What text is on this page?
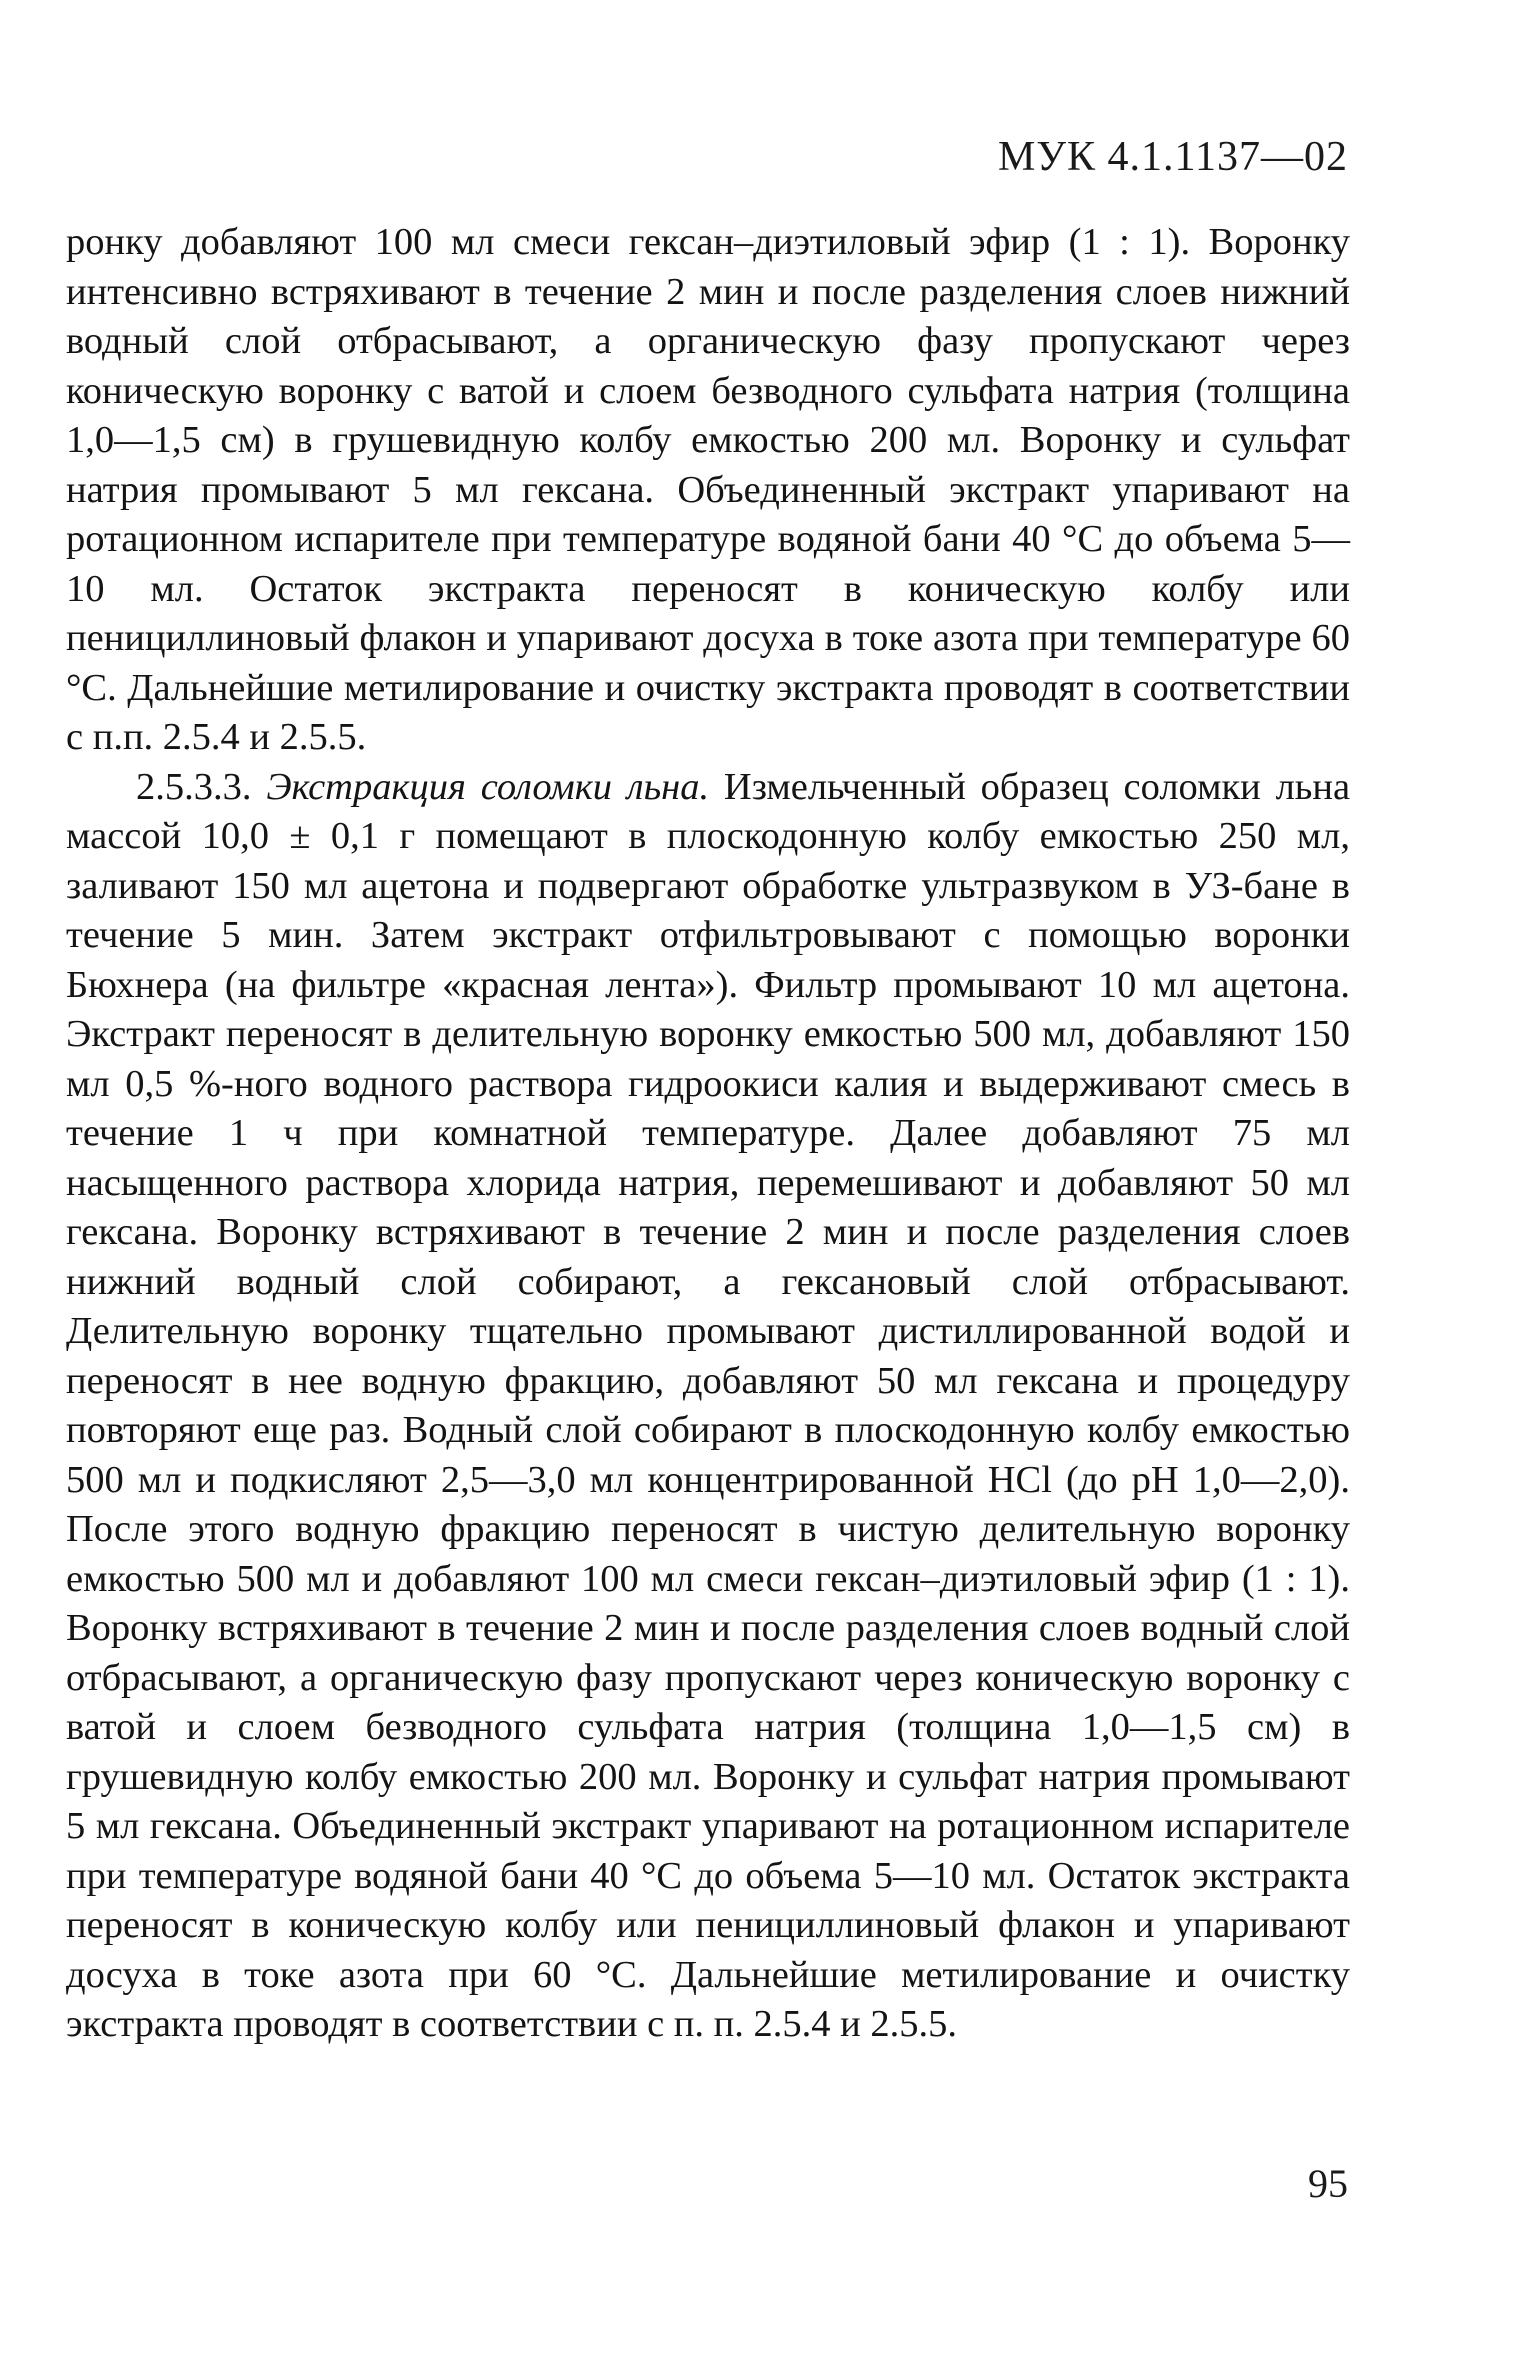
МУК 4.1.1137—02

ронку добавляют 100 мл смеси гексан–диэтиловый эфир (1 : 1). Воронку интенсивно встряхивают в течение 2 мин и после разделения слоев нижний водный слой отбрасывают, а органическую фазу пропускают через коническую воронку с ватой и слоем безводного сульфата натрия (толщина 1,0—1,5 см) в грушевидную колбу емкостью 200 мл. Воронку и сульфат натрия промывают 5 мл гексана. Объединенный экстракт упаривают на ротационном испарителе при температуре водяной бани 40 °С до объема 5—10 мл. Остаток экстракта переносят в коническую колбу или пенициллиновый флакон и упаривают досуха в токе азота при температуре 60 °С. Дальнейшие метилирование и очистку экстракта проводят в соответствии с п.п. 2.5.4 и 2.5.5.

2.5.3.3. Экстракция соломки льна. Измельченный образец соломки льна массой 10,0 ± 0,1 г помещают в плоскодонную колбу емкостью 250 мл, заливают 150 мл ацетона и подвергают обработке ультразвуком в УЗ-бане в течение 5 мин. Затем экстракт отфильтровывают с помощью воронки Бюхнера (на фильтре «красная лента»). Фильтр промывают 10 мл ацетона. Экстракт переносят в делительную воронку емкостью 500 мл, добавляют 150 мл 0,5 %-ного водного раствора гидроокиси калия и выдерживают смесь в течение 1 ч при комнатной температуре. Далее добавляют 75 мл насыщенного раствора хлорида натрия, перемешивают и добавляют 50 мл гексана. Воронку встряхивают в течение 2 мин и после разделения слоев нижний водный слой собирают, а гексановый слой отбрасывают. Делительную воронку тщательно промывают дистиллированной водой и переносят в нее водную фракцию, добавляют 50 мл гексана и процедуру повторяют еще раз. Водный слой собирают в плоскодонную колбу емкостью 500 мл и подкисляют 2,5—3,0 мл концентрированной HCl (до pH 1,0—2,0). После этого водную фракцию переносят в чистую делительную воронку емкостью 500 мл и добавляют 100 мл смеси гексан–диэтиловый эфир (1 : 1). Воронку встряхивают в течение 2 мин и после разделения слоев водный слой отбрасывают, а органическую фазу пропускают через коническую воронку с ватой и слоем безводного сульфата натрия (толщина 1,0—1,5 см) в грушевидную колбу емкостью 200 мл. Воронку и сульфат натрия промывают 5 мл гексана. Объединенный экстракт упаривают на ротационном испарителе при температуре водяной бани 40 °С до объема 5—10 мл. Остаток экстракта переносят в коническую колбу или пенициллиновый флакон и упаривают досуха в токе азота при 60 °С. Дальнейшие метилирование и очистку экстракта проводят в соответствии с п. п. 2.5.4 и 2.5.5.

95
